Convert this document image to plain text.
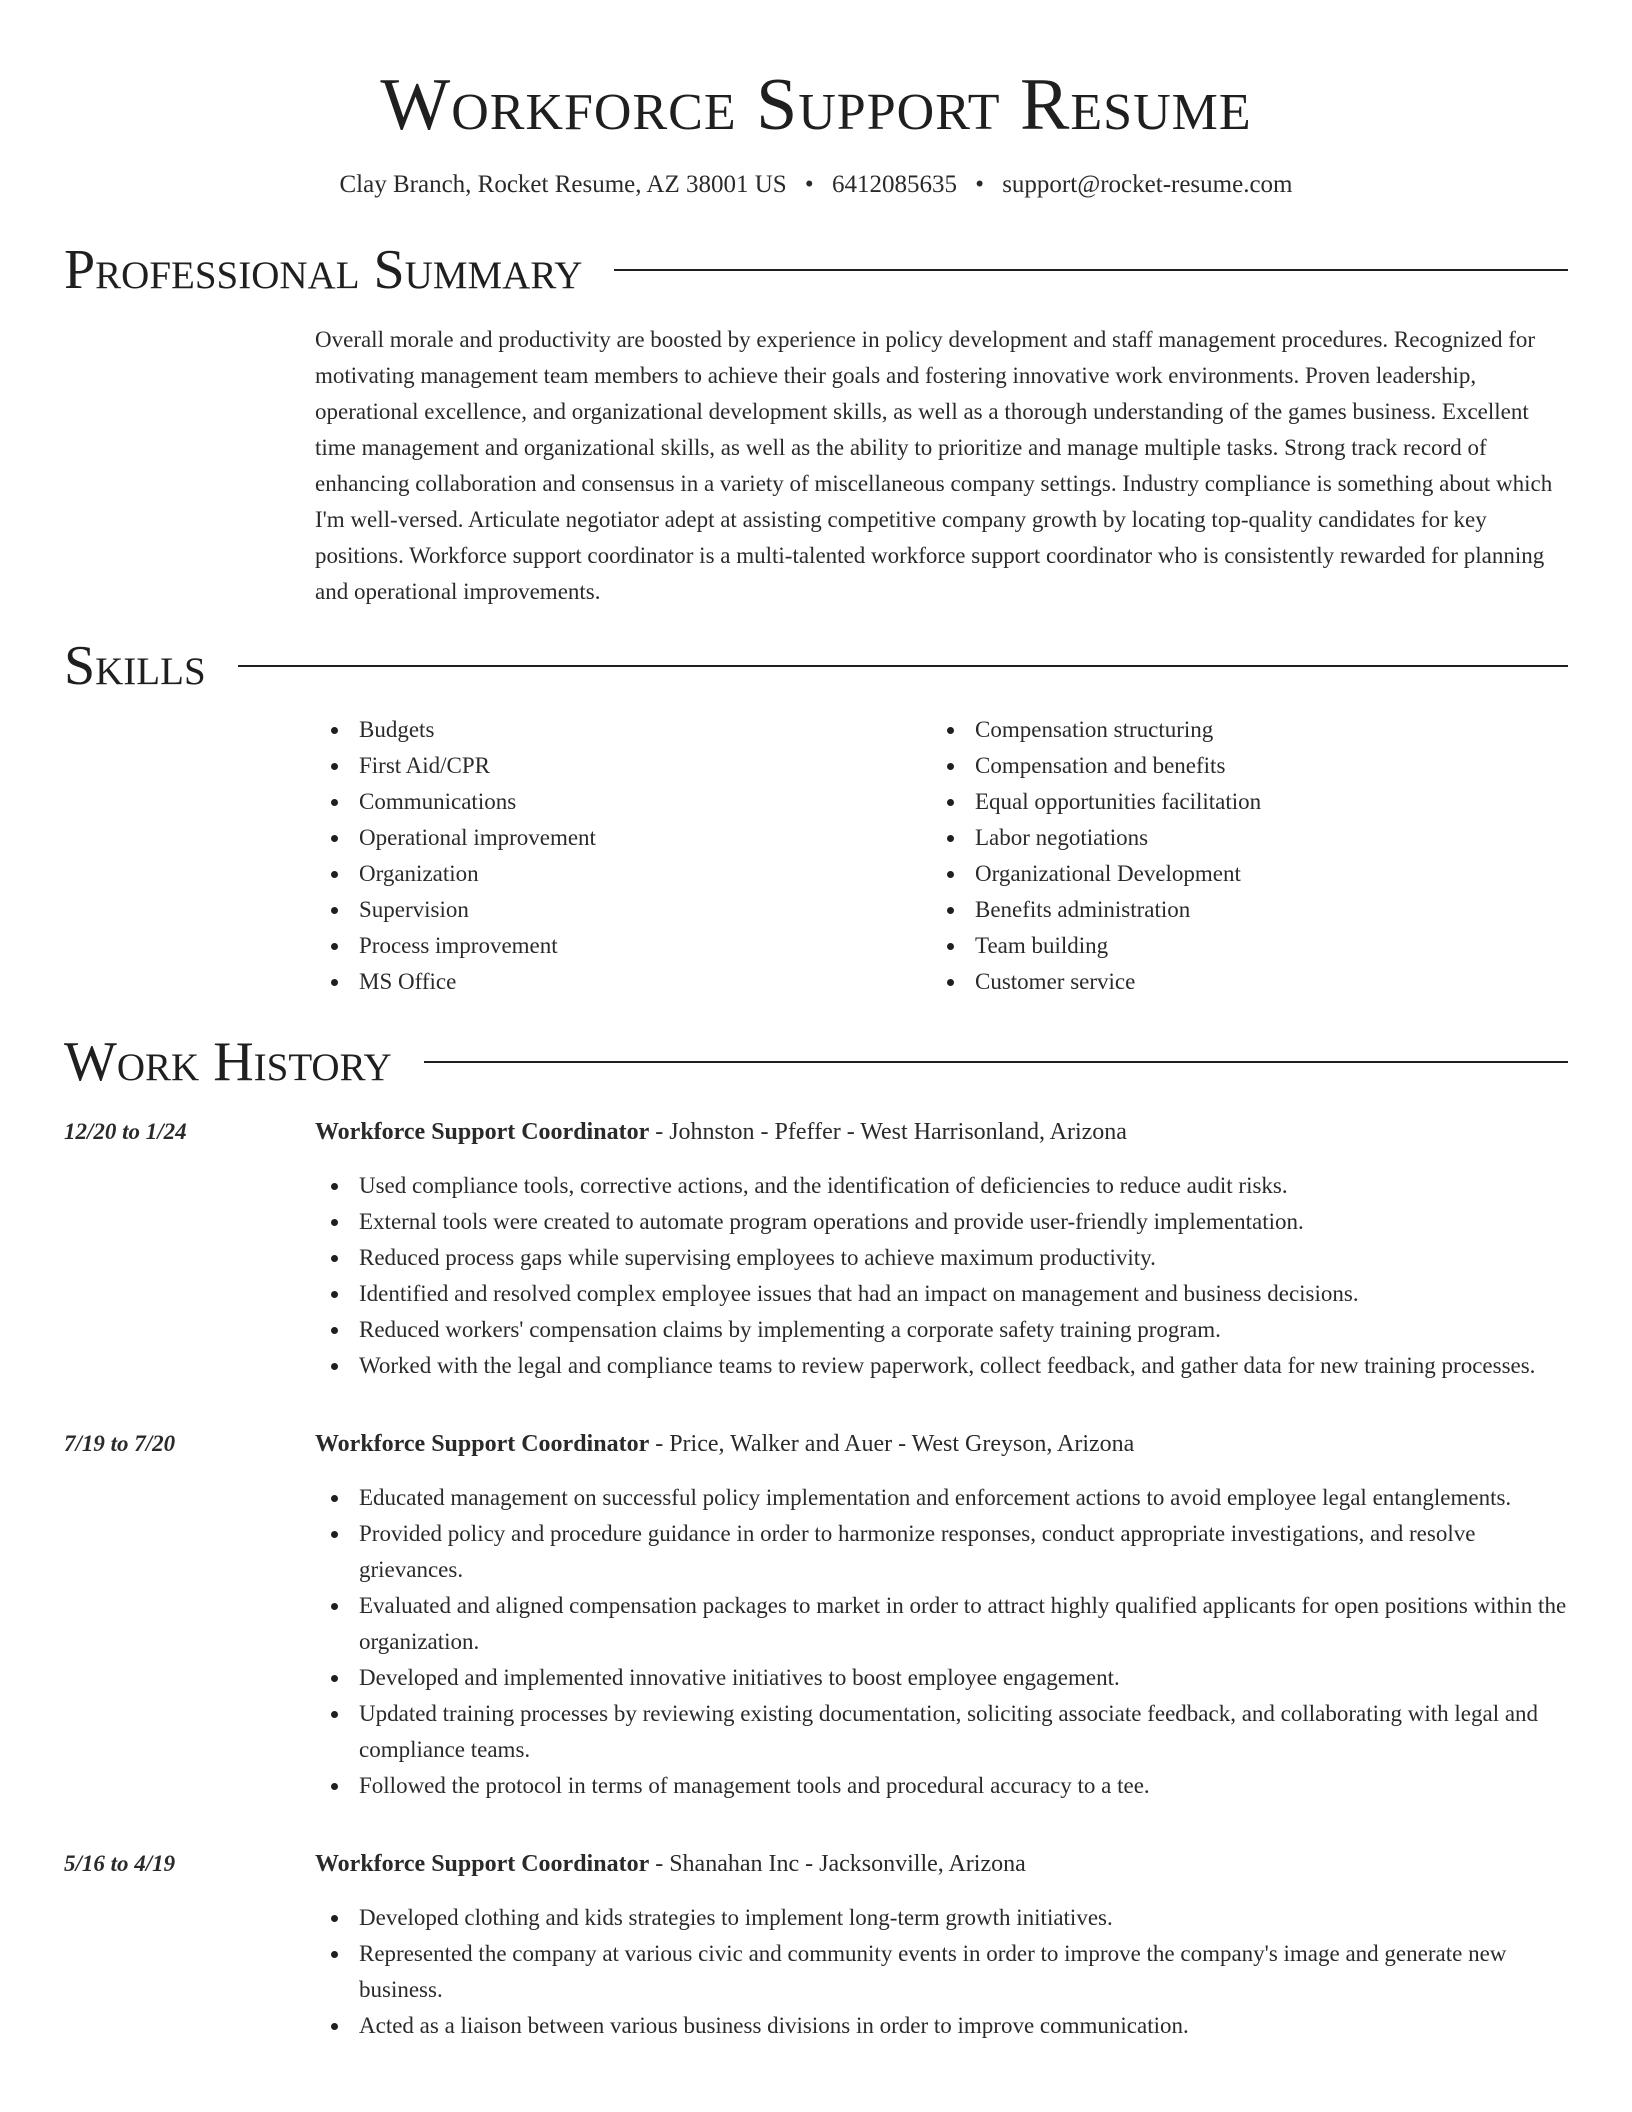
Workforce Support Resume
Clay Branch, Rocket Resume, AZ 38001 US • 6412085635 • support@rocket-resume.com
Professional Summary

Overall morale and productivity are boosted by experience in policy development and staff management procedures. Recognized for motivating management team members to achieve their goals and fostering innovative work environments. Proven leadership, operational excellence, and organizational development skills, as well as a thorough understanding of the games business. Excellent time management and organizational skills, as well as the ability to prioritize and manage multiple tasks. Strong track record of enhancing collaboration and consensus in a variety of miscellaneous company settings. Industry compliance is something about which I'm well-versed. Articulate negotiator adept at assisting competitive company growth by locating top-quality candidates for key positions. Workforce support coordinator is a multi-talented workforce support coordinator who is consistently rewarded for planning and operational improvements.

Skills
Budgets
First Aid/CPR
Communications
Operational improvement
Organization
Supervision
Process improvement
MS Office
Compensation structuring
Compensation and benefits
Equal opportunities facilitation
Labor negotiations
Organizational Development
Benefits administration
Team building
Customer service
Work History
12/20 to 1/24	Workforce Support Coordinator - Johnston - Pfeffer - West Harrisonland, Arizona
Used compliance tools, corrective actions, and the identification of deficiencies to reduce audit risks.
External tools were created to automate program operations and provide user-friendly implementation.
Reduced process gaps while supervising employees to achieve maximum productivity.
Identified and resolved complex employee issues that had an impact on management and business decisions.
Reduced workers' compensation claims by implementing a corporate safety training program.
Worked with the legal and compliance teams to review paperwork, collect feedback, and gather data for new training processes.
7/19 to 7/20	Workforce Support Coordinator - Price, Walker and Auer - West Greyson, Arizona
Educated management on successful policy implementation and enforcement actions to avoid employee legal entanglements.
Provided policy and procedure guidance in order to harmonize responses, conduct appropriate investigations, and resolve grievances.
Evaluated and aligned compensation packages to market in order to attract highly qualified applicants for open positions within the organization.
Developed and implemented innovative initiatives to boost employee engagement.
Updated training processes by reviewing existing documentation, soliciting associate feedback, and collaborating with legal and compliance teams.
Followed the protocol in terms of management tools and procedural accuracy to a tee.
5/16 to 4/19	Workforce Support Coordinator - Shanahan Inc - Jacksonville, Arizona
Developed clothing and kids strategies to implement long-term growth initiatives.
Represented the company at various civic and community events in order to improve the company's image and generate new business.
Acted as a liaison between various business divisions in order to improve communication.
